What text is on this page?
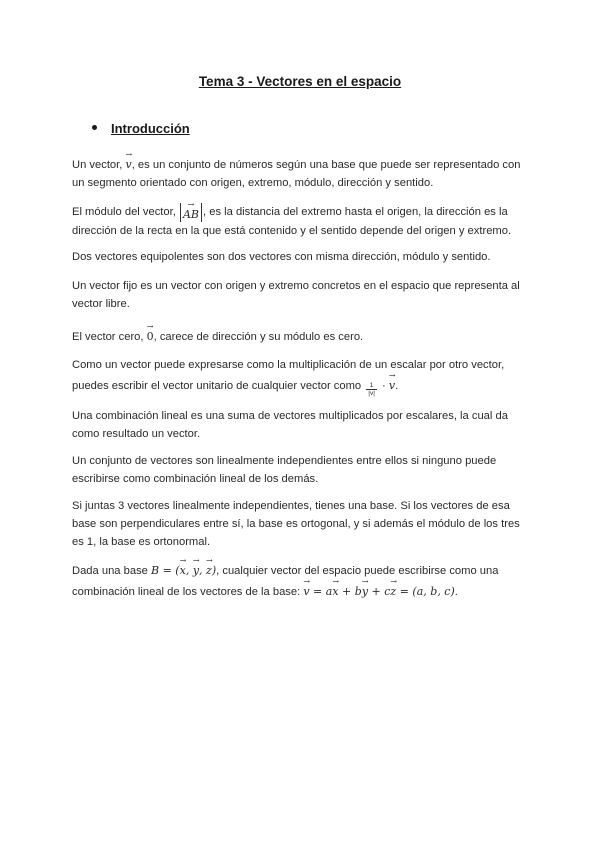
Tema 3 - Vectores en el espacio
Introducción
Un vector, → v, es un conjunto de números según una base que puede ser representado con un segmento orientado con origen, extremo, módulo, dirección y sentido.
El módulo del vector, → AB , es la distancia del extremo hasta el origen, la dirección es la dirección de la recta en la que está contenido y el sentido depende del origen y extremo.
Dos vectores equipolentes son dos vectores con misma dirección, módulo y sentido.
Un vector fijo es un vector con origen y extremo concretos en el espacio que representa al vector libre.
El vector cero, → 0, carece de dirección y su módulo es cero.
Como un vector puede expresarse como la multiplicación de un escalar por otro vector, puedes escribir el vector unitario de cualquier vector como $\frac{1}{|v|}$ · → v.
Una combinación lineal es una suma de vectores multiplicados por escalares, la cual da como resultado un vector.
Un conjunto de vectores son linealmente independientes entre ellos si ninguno puede escribirse como combinación lineal de los demás.
Si juntas 3 vectores linealmente independientes, tienes una base. Si los vectores de esa base son perpendiculares entre sí, la base es ortogonal, y si además el módulo de los tres es 1, la base es ortonormal.
Dada una base B = (→ x, → y, → z), cualquier vector del espacio puede escribirse como una combinación lineal de los vectores de la base: → v = a→ x + b→ y + c→ z = (a, b, c).
